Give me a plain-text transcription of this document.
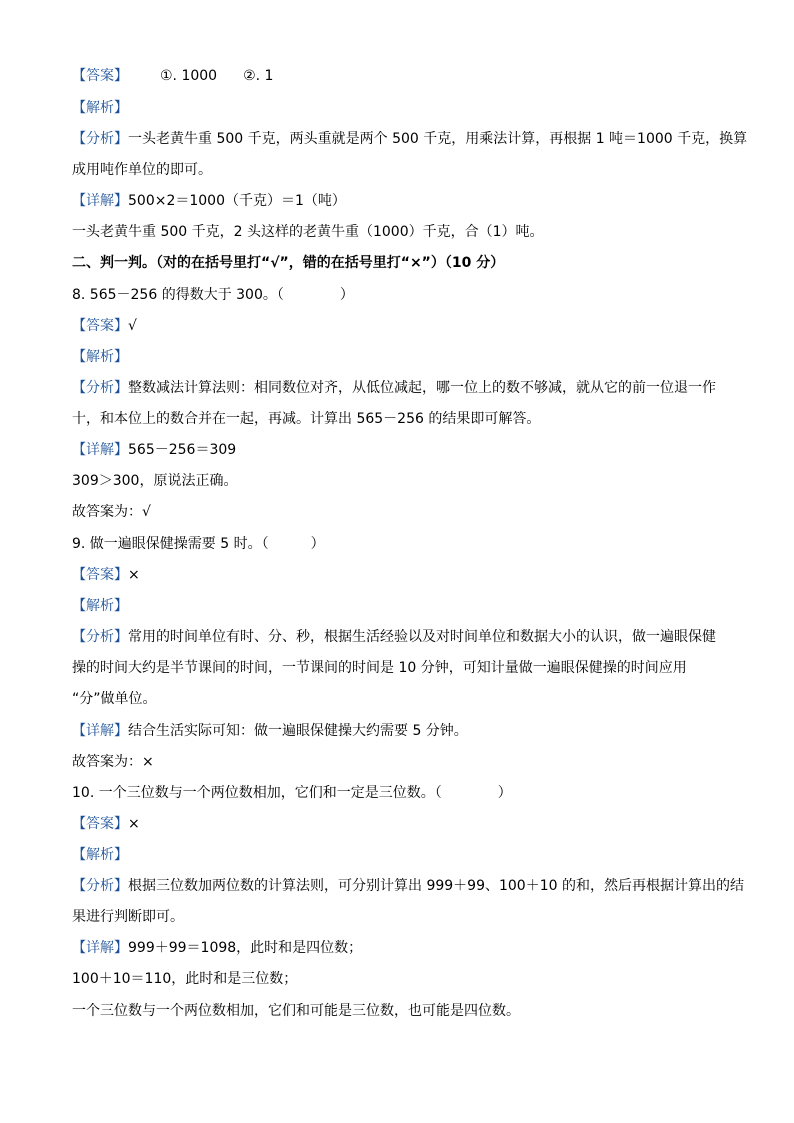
【答案】 ①. 1000 ②. 1
【解析】
【分析】一头老黄牛重 500 千克，两头重就是两个 500 千克，用乘法计算，再根据 1 吨＝1000 千克，换算
成用吨作单位的即可。
【详解】500×2＝1000（千克）＝1（吨）
一头老黄牛重 500 千克，2 头这样的老黄牛重（1000）千克，合（1）吨。
二、判一判。（对的在括号里打“√”，错的在括号里打“×”）（10 分）
8. 565－256 的得数大于 300。（　　　　）
【答案】√
【解析】
【分析】整数减法计算法则：相同数位对齐，从低位减起，哪一位上的数不够减，就从它的前一位退一作
十，和本位上的数合并在一起，再减。计算出 565－256 的结果即可解答。
【详解】565－256＝309
309＞300，原说法正确。
故答案为：√
9. 做一遍眼保健操需要 5 时。（　　　）
【答案】×
【解析】
【分析】常用的时间单位有时、分、秒，根据生活经验以及对时间单位和数据大小的认识，做一遍眼保健
操的时间大约是半节课间的时间，一节课间的时间是 10 分钟，可知计量做一遍眼保健操的时间应用
“分”做单位。
【详解】结合生活实际可知：做一遍眼保健操大约需要 5 分钟。
故答案为：×
10. 一个三位数与一个两位数相加，它们和一定是三位数。（　　　　）
【答案】×
【解析】
【分析】根据三位数加两位数的计算法则，可分别计算出 999＋99、100＋10 的和，然后再根据计算出的结
果进行判断即可。
【详解】999＋99＝1098，此时和是四位数；
100＋10＝110，此时和是三位数；
一个三位数与一个两位数相加，它们和可能是三位数，也可能是四位数。
